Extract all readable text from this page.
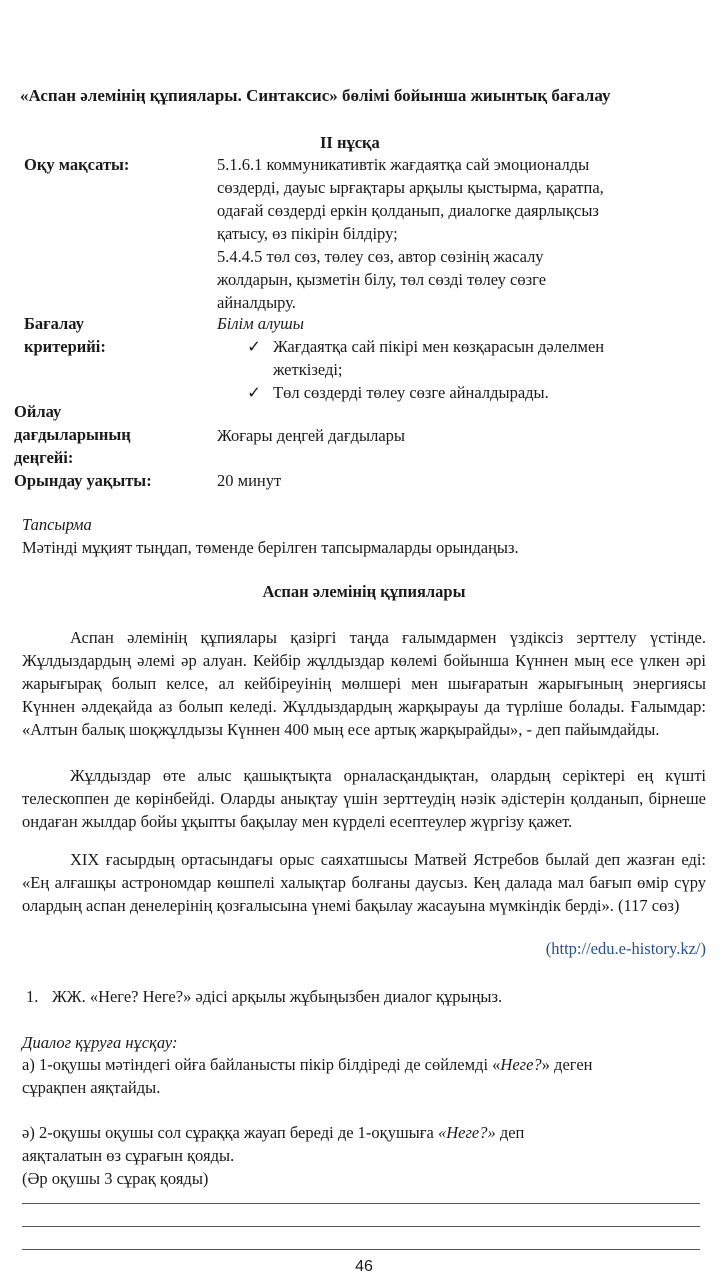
«Аспан әлемінің құпиялары. Синтаксис» бөлімі бойынша жиынтық бағалау
ІІ нұсқа
Оқу мақсаты:	5.1.6.1 коммуникативтік жағдаятқа сай эмоционалды
сөздерді, дауыс ырғақтары арқылы қыстырма, қаратпа,
одағай сөздерді еркін қолданып, диалогке даярлықсыз
қатысу, өз пікірін білдіру;
5.4.4.5 төл сөз, төлеу сөз, автор сөзінің жасалу
жолдарын, қызметін білу, төл сөзді төлеу сөзге
айналдыру.
Бағалау
критерийі:
Білім алушы
✓ Жағдаятқа сай пікірі мен көзқарасын дәлелмен
жеткізеді;
✓ Төл сөздерді төлеу сөзге айналдырады.
Ойлау
дағдыларының
деңгейі:
Жоғары деңгей дағдылары
Орындау уақыты:	20 минут
Тапсырма
Мәтінді мұқият тыңдап, төменде берілген тапсырмаларды орындаңыз.
Аспан әлемінің құпиялары
Аспан әлемінің құпиялары қазіргі таңда ғалымдармен үздіксіз зерттелу үстінде. Жұлдыздардың әлемі әр алуан. Кейбір жұлдыздар көлемі бойынша Күннен мың есе үлкен әрі жарығырақ болып келсе, ал кейбіреуінің мөлшері мен шығаратын жарығының энергиясы Күннен әлдеқайда аз болып келеді. Жұлдыздардың жарқырауы да түрліше болады. Ғалымдар: «Алтын балық шоқжұлдызы Күннен 400 мың есе артық жарқырайды», - деп пайымдайды.
Жұлдыздар өте алыс қашықтықта орналасқандықтан, олардың серіктері ең күшті телескоппен де көрінбейді. Оларды анықтау үшін зерттеудің нәзік әдістерін қолданып, бірнеше ондаған жылдар бойы ұқыпты бақылау мен күрделі есептеулер жүргізу қажет.
XIX ғасырдың ортасындағы орыс саяхатшысы Матвей Ястребов былай деп жазған еді: «Ең алғашқы астрономдар көшпелі халықтар болғаны даусыз. Кең далада мал бағып өмір сүру олардың аспан денелерінің қозғалысына үнемі бақылау жасауына мүмкіндік берді». (117 сөз)
(http://edu.e-history.kz/)
1. ЖЖ. «Неге? Неге?» әдісі арқылы жұбыңызбен диалог құрыңыз.
Диалог құруға нұсқау:
а) 1-оқушы мәтіндегі ойға байланысты пікір білдіреді де сөйлемді «Неге?» деген
сұрақпен аяқтайды.
ә) 2-оқушы оқушы сол сұраққа жауап береді де 1-оқушыға «Неге?» деп
аяқталатын өз сұрағын қояды.
(Әр оқушы 3 сұрақ қояды)
46
